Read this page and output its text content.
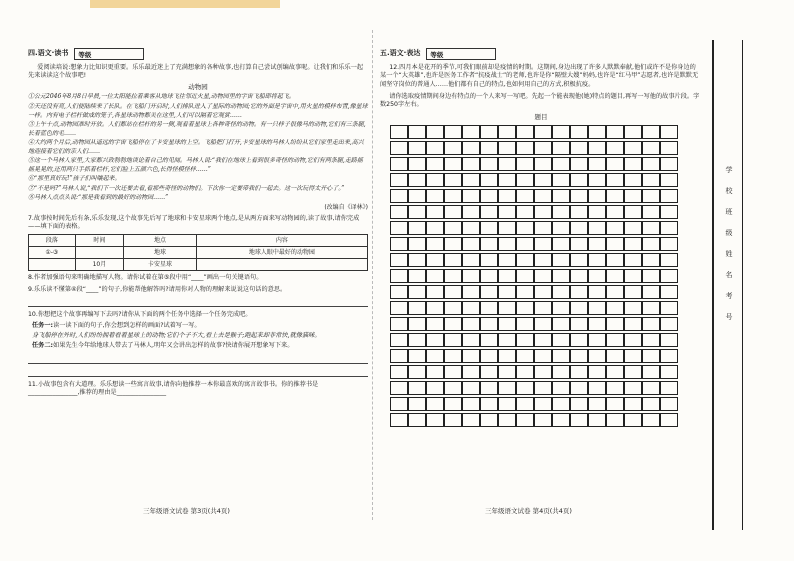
四.语文·读书	等级
爱阅读培说:想象力比知识更重要。乐乐最近迷上了充满想象的各种故事,也打算自己尝试创编故事呢。让我们和乐乐一起先来读读这个故事吧!
动物园
①公元2046年8月8日早晨,一位太阳能拉着乘客从地球飞往邻近火星,动物园里的宇宙飞船即将起飞。
②天还没有亮,人们便陆续来了长队。在飞船门开启时,人们排队进入了星际的动物园;它的外面是宇宙中,用火星的模样布置,像星球一样。内有电子栏杆做成的笼子,各星球动物都关在这里,人们可以隔着它观赏……
③上午十点,动物园准时开放。人们都站在栏杆的另一侧,观看着星球上各种奇怪的动物。有一只样子很像马的动物,它们有三条腿,长着蓝色的毛……
④大约两个月后,动物园从遥远的宇宙飞船停在了卡安星球的上空。飞船把门打开,卡安星球的马林人纷纷从它们家里走出来,高兴地迎接着它们的亲人们……
⑤这一个马林人家里,大家都兴致勃勃地谈论着自己的见闻。马林人说:“我们在地球上看到很多奇怪的动物,它们有两条腿,走路摇摇晃晃的,还用两只手抓着栏杆,它们脸上五颜六色,长得怪模怪样……”
⑥“那里真好玩!”孩子们叫嚷起来。
⑦“不是吗?”马林人说,“我们下一次还要去看,看那些奇怪的动物们。下次你一定要带我们一起去。这一次玩得太开心了。”
⑧马林人点点头说:“那是我看到的最好的动物园……”
(改编自《译林》)
7.故事按时间先后有条,乐乐发现,这个故事先后写了地球和卡安星球两个地点,是从两方面来写动物园的,读了故事,请你完成——填下面的表格。
段落	时间	地点	内容
①-③		地球	地球人眼中最好的动物园
	10月	卡安星球	
8.作者加强语句来明确地描写人物。请你试着在第⑤段中用“____”画出一句关键语句。
9.乐乐读不懂第④段“____”的句子,你能帮他解答吗?请用你对人物的理解来说说这句话的意思。
10.你想把这个故事再编写下去吗?请你从下面的两个任务中选择一个任务完成吧。
任务一:读一读下面的句子,你会想到怎样的画面?试着写一写。
身飞船停在外时,人们纷纷拥着看着星球上的动物;它们个子不大,看上去是猴子;跑起来却非常快,就像猫咪。
任务二:如果先生今年给地球人带去了马林人,明年又会讲出怎样的故事?快请你展开想象写下来。
11.小故事包含有大道理。乐乐想读一些寓言故事,请你向他推荐一本你最喜欢的寓言故事书。你的推荐书是________________,推荐的理由是________________
三年级语文试卷 第3页(共4页)
五.语文·表达	等级
12.四月本是花开的季节,可我们眼前却是疫情的时期。这期间,身边出现了许多人默默奉献,他们或许不是你身边的某一个“大英雄”,也许是医务工作者“抗疫战士”的老师,也许是你“隔壁大嫂”妈妈,也许是“红马甲”志愿者,也许是默默无闻坚守岗位的普通人……他们都有自己的特点,也如何用自己的方式,积极抗疫。
请你选取疫情期间身边有特点的一个人来写一写吧。先起一个能表现他(她)特点的题目,再写一写他的故事片段。字数250字左右。
题目
三年级语文试卷 第4页(共4页)
学
校
班
级
姓
名
考
号
